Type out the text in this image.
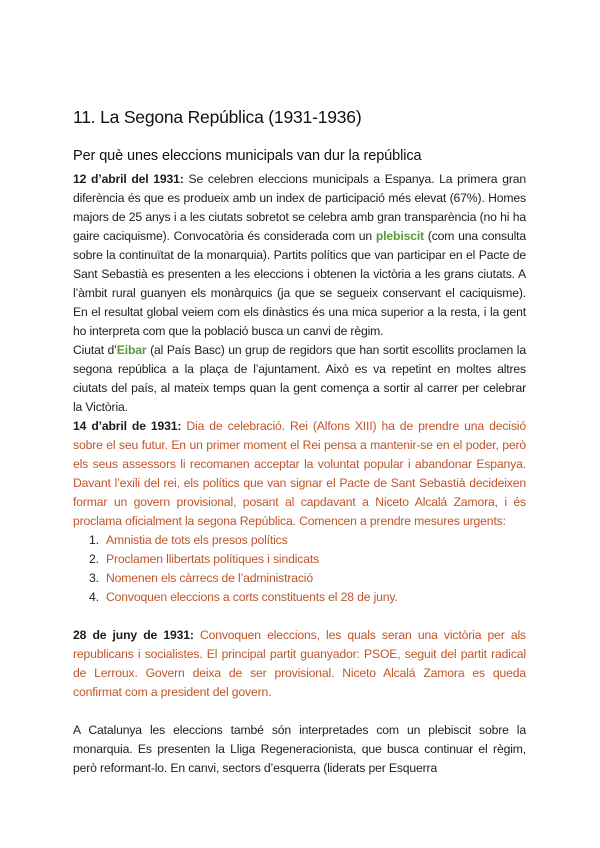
11. La Segona República (1931-1936)
Per què unes eleccions municipals van dur la república

12 d’abril del 1931: Se celebren eleccions municipals a Espanya. La primera gran diferència és que es produeix amb un index de participació més elevat (67%). Homes majors de 25 anys i a les ciutats sobretot se celebra amb gran transparència (no hi ha gaire caciquisme). Convocatòria és considerada com un plebiscit (com una consulta sobre la continuïtat de la monarquia). Partits polítics que van participar en el Pacte de Sant Sebastià es presenten a les eleccions i obtenen la victòria a les grans ciutats. A l’àmbit rural guanyen els monàrquics (ja que se segueix conservant el caciquisme). En el resultat global veiem com els dinàstics és una mica superior a la resta, i la gent ho interpreta com que la població busca un canvi de règim.

Ciutat d’Eibar (al País Basc) un grup de regidors que han sortit escollits proclamen la segona república a la plaça de l’ajuntament. Això es va repetint en moltes altres ciutats del país, al mateix temps quan la gent comença a sortir al carrer per celebrar la Victòria.

14 d’abril de 1931: Dia de celebració. Rei (Alfons XIII) ha de prendre una decisió sobre el seu futur. En un primer moment el Rei pensa a mantenir-se en el poder, però els seus assessors li recomanen acceptar la voluntat popular i abandonar Espanya. Davant l’exili del rei, els polítics que van signar el Pacte de Sant Sebastià decideixen formar un govern provisional, posant al capdavant a Niceto Alcalá Zamora, i és proclama oficialment la segona República. Comencen a prendre mesures urgents:

1. Amnistia de tots els presos polítics
2. Proclamen llibertats polítiques i sindicats
3. Nomenen els càrrecs de l’administració
4. Convoquen eleccions a corts constituents el 28 de juny.

28 de juny de 1931: Convoquen eleccions, les quals seran una victòria per als republicans i socialistes. El principal partit guanyador: PSOE, seguit del partit radical de Lerroux. Govern deixa de ser provisional. Niceto Alcalá Zamora es queda confirmat com a president del govern.

A Catalunya les eleccions també són interpretades com un plebiscit sobre la monarquia. Es presenten la Lliga Regeneracionista, que busca continuar el règim, però reformant-lo. En canvi, sectors d’esquerra (liderats per Esquerra
